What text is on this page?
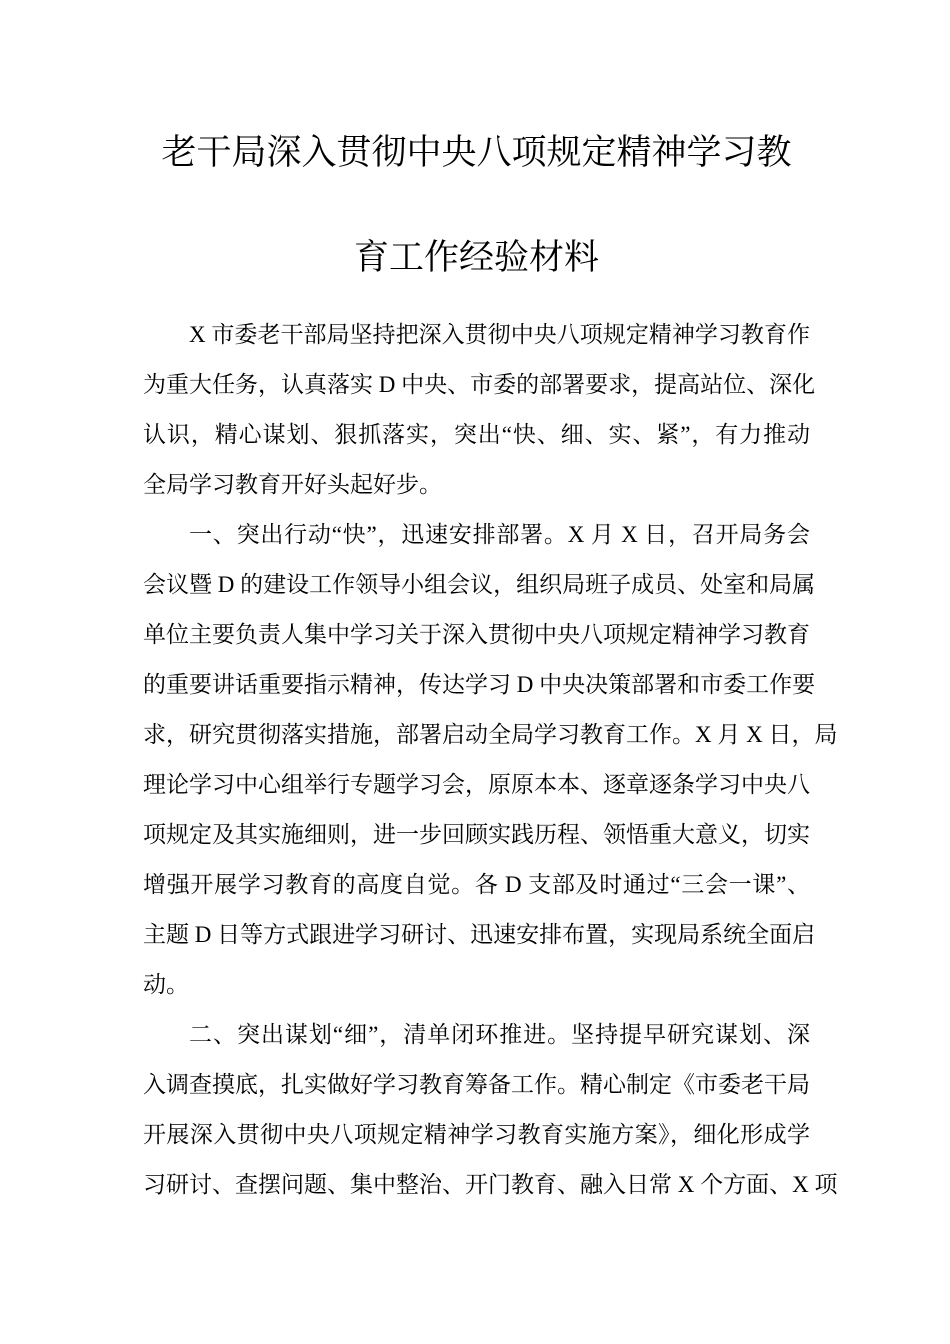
老干局深入贯彻中央八项规定精神学习教
育工作经验材料
X 市委老干部局坚持把深入贯彻中央八项规定精神学习教育作
为重大任务，认真落实 D 中央、市委的部署要求，提高站位、深化
认识，精心谋划、狠抓落实，突出“快、细、实、紧”，有力推动
全局学习教育开好头起好步。
一、突出行动“快”，迅速安排部署。X 月 X 日，召开局务会
会议暨 D 的建设工作领导小组会议，组织局班子成员、处室和局属
单位主要负责人集中学习关于深入贯彻中央八项规定精神学习教育
的重要讲话重要指示精神，传达学习 D 中央决策部署和市委工作要
求，研究贯彻落实措施，部署启动全局学习教育工作。X 月 X 日，局
理论学习中心组举行专题学习会，原原本本、逐章逐条学习中央八
项规定及其实施细则，进一步回顾实践历程、领悟重大意义，切实
增强开展学习教育的高度自觉。各 D 支部及时通过“三会一课”、
主题 D 日等方式跟进学习研讨、迅速安排布置，实现局系统全面启
动。
二、突出谋划“细”，清单闭环推进。坚持提早研究谋划、深
入调查摸底，扎实做好学习教育筹备工作。精心制定《市委老干局
开展深入贯彻中央八项规定精神学习教育实施方案》，细化形成学
习研讨、查摆问题、集中整治、开门教育、融入日常 X 个方面、X 项
